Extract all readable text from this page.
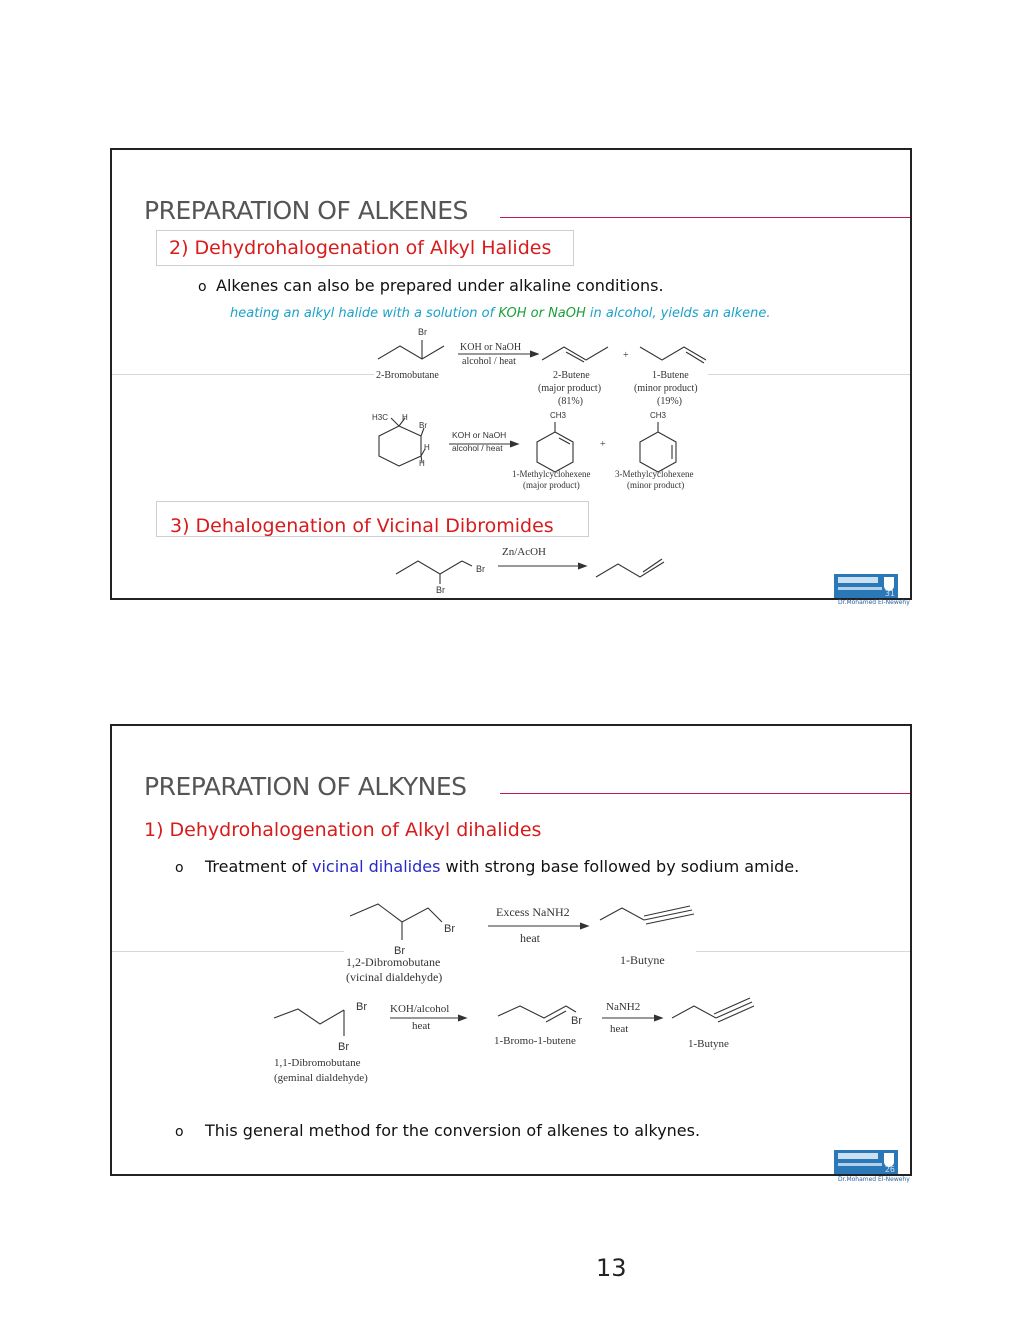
PREPARATION OF ALKENES
2) Dehydrohalogenation of Alkyl Halides
o Alkenes can also be prepared under alkaline conditions.
heating an alkyl halide with a solution of KOH or NaOH in alcohol, yields an alkene.
Br
KOH or NaOH
alcohol / heat
+
2-Bromobutane	2-Butene
(major product)
(81%)
1-Butene
(minor product)
(19%)
H3C H
Br
H
H
KOH or NaOH
alcohol / heat
CH3	CH3
+
1-Methylcyclohexene
(major product)
3-Methylcyclohexene
(minor product)
Zn/AcOH
Br
Br
3) Dehalogenation of Vicinal Dibromides
31
Dr.Mohamed El-Newehy
PREPARATION OF ALKYNES
1) Dehydrohalogenation of Alkyl dihalides
o Treatment of vicinal dihalides with strong base followed by sodium amide.
Br
Br
Excess NaNH2
heat
1,2-Dibromobutane
(vicinal dialdehyde)
1-Butyne
Br
Br
KOH/alcohol
heat	Br
1-Bromo-1-butene
NaNH2
heat
1-Butyne
1,1-Dibromobutane
(geminal dialdehyde)
o This general method for the conversion of alkenes to alkynes.
26
Dr.Mohamed El-Newehy
13
